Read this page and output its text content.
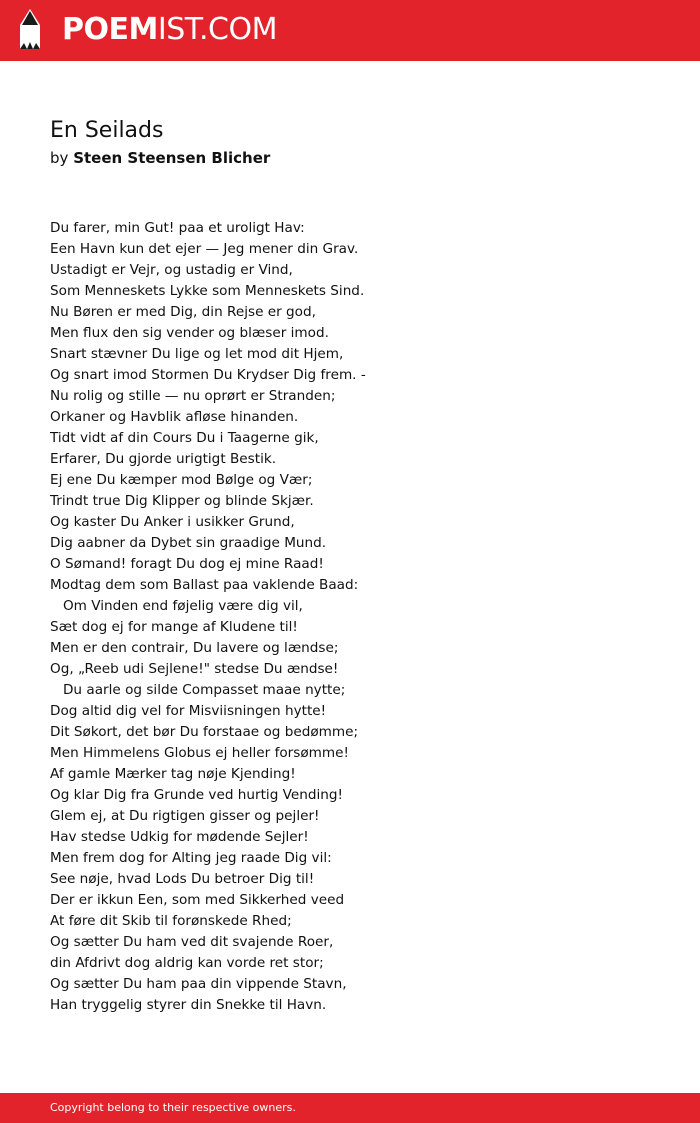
POEMIST.COM
En Seilads
by Steen Steensen Blicher
Du farer, min Gut! paa et uroligt Hav:
Een Havn kun det ejer — Jeg mener din Grav.
Ustadigt er Vejr, og ustadig er Vind,
Som Menneskets Lykke som Menneskets Sind.
Nu Børen er med Dig, din Rejse er god,
Men flux den sig vender og blæser imod.
Snart stævner Du lige og let mod dit Hjem,
Og snart imod Stormen Du Krydser Dig frem. -
Nu rolig og stille — nu oprørt er Stranden;
Orkaner og Havblik afløse hinanden.
Tidt vidt af din Cours Du i Taagerne gik,
Erfarer, Du gjorde urigtigt Bestik.
Ej ene Du kæmper mod Bølge og Vær;
Trindt true Dig Klipper og blinde Skjær.
Og kaster Du Anker i usikker Grund,
Dig aabner da Dybet sin graadige Mund.
O Sømand! foragt Du dog ej mine Raad!
Modtag dem som Ballast paa vaklende Baad:
Om Vinden end føjelig være dig vil,
Sæt dog ej for mange af Kludene til!
Men er den contrair, Du lavere og lændse;
Og, „Reeb udi Sejlene!" stedse Du ændse!
Du aarle og silde Compasset maae nytte;
Dog altid dig vel for Misviisningen hytte!
Dit Søkort, det bør Du forstaae og bedømme;
Men Himmelens Globus ej heller forsømme!
Af gamle Mærker tag nøje Kjending!
Og klar Dig fra Grunde ved hurtig Vending!
Glem ej, at Du rigtigen gisser og pejler!
Hav stedse Udkig for mødende Sejler!
Men frem dog for Alting jeg raade Dig vil:
See nøje, hvad Lods Du betroer Dig til!
Der er ikkun Een, som med Sikkerhed veed
At føre dit Skib til forønskede Rhed;
Og sætter Du ham ved dit svajende Roer,
din Afdrivt dog aldrig kan vorde ret stor;
Og sætter Du ham paa din vippende Stavn,
Han tryggelig styrer din Snekke til Havn.
Copyright belong to their respective owners.
